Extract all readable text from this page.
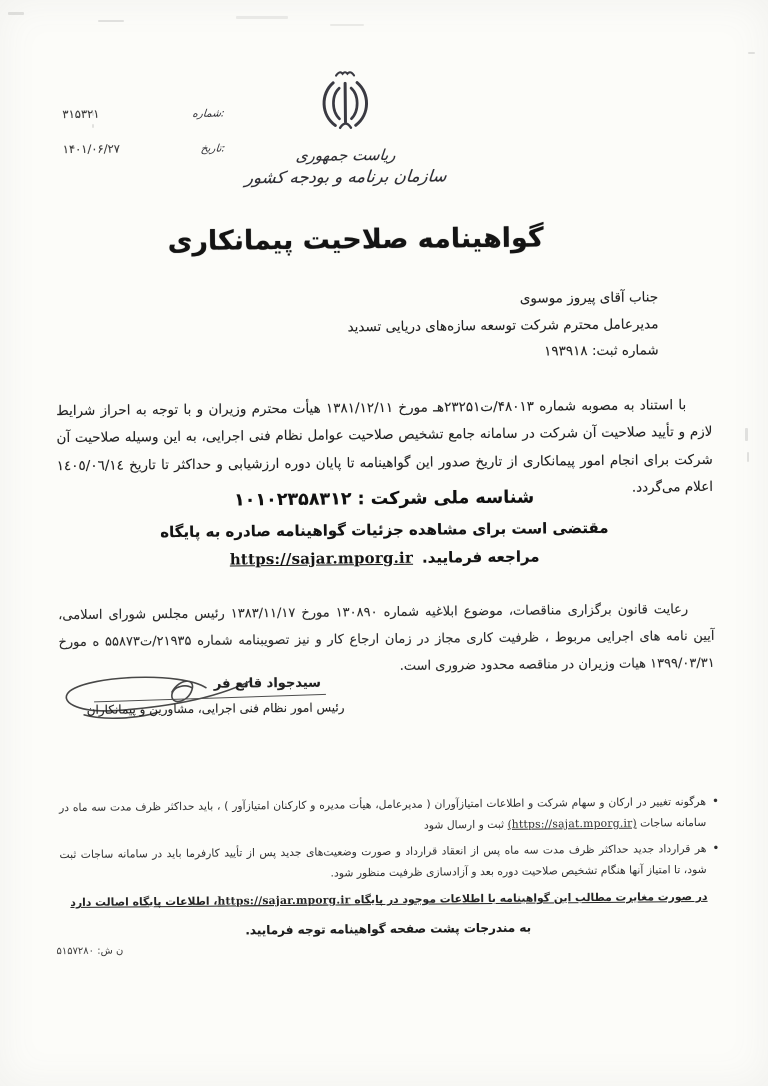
۳۱۵۳۲۱	شماره:
۱۴۰۱/۰۶/۲۷	تاریخ:	ریاست جمهوری
سازمان برنامه و بودجه کشور
گواهینامه صلاحیت پیمانکاری
جناب آقای پیروز موسوی
مدیرعامل محترم شرکت توسعه سازه‌های دریایی تسدید
شماره ثبت: ۱۹۳۹۱۸

با استناد به مصوبه شماره ۴۸۰۱۳/ت۲۳۲۵۱هـ مورخ ۱۳۸۱/۱۲/۱۱ هیأت محترم وزیران و با توجه به احراز شرایط لازم و تأیید صلاحیت آن شرکت در سامانه جامع تشخیص صلاحیت عوامل نظام فنی اجرایی، به این وسیله صلاحیت آن شرکت برای انجام امور پیمانکاری از تاریخ صدور این گواهینامه تا پایان دوره ارزشیابی و حداکثر تا تاریخ ١٤٠٥/٠٦/١٤ اعلام می‌گردد.

شناسه ملی شرکت : ۱۰۱۰۲۳۵۸۳۱۲
مقتضی است برای مشاهده جزئیات گواهینامه صادره به پایگاه
https://sajar.mporg.ir مراجعه فرمایید.

رعایت قانون برگزاری مناقصات، موضوع ابلاغیه شماره ۱۳۰۸۹۰ مورخ ۱۳۸۳/۱۱/۱۷ رئیس مجلس شورای اسلامی، آیین نامه های اجرایی مربوط ، ظرفیت کاری مجاز در زمان ارجاع کار و نیز تصویبنامه شماره ۲۱۹۳۵/ت۵۵۸۷۳ ه مورخ ۱۳۹۹/۰۳/۳۱ هیات وزیران در مناقصه محدود ضروری است.

سیدجواد قانع فر
رئیس امور نظام فنی اجرایی، مشاورین و پیمانکاران
• هرگونه تغییر در ارکان و سهام شرکت و اطلاعات امتیازآوران ( مدیرعامل، هیأت مدیره و کارکنان امتیازآور ) ، باید حداکثر ظرف مدت سه ماه در سامانه ساجات (https://sajat.mporg.ir) ثبت و ارسال شود
• هر قرارداد جدید حداکثر ظرف مدت سه ماه پس از انعقاد قرارداد و صورت وضعیت‌های جدید پس از تأیید کارفرما باید در سامانه ساجات ثبت شود، تا امتیاز آنها هنگام تشخیص صلاحیت دوره بعد و آزادسازی ظرفیت منظور شود.
در صورت مغایرت مطالب این گواهینامه با اطلاعات موجود در پایگاه https://sajar.mporg.ir، اطلاعات پایگاه اصالت دارد
به مندرجات پشت صفحه گواهینامه توجه فرمایید.
ن ش: ۵۱۵۷۲۸۰
